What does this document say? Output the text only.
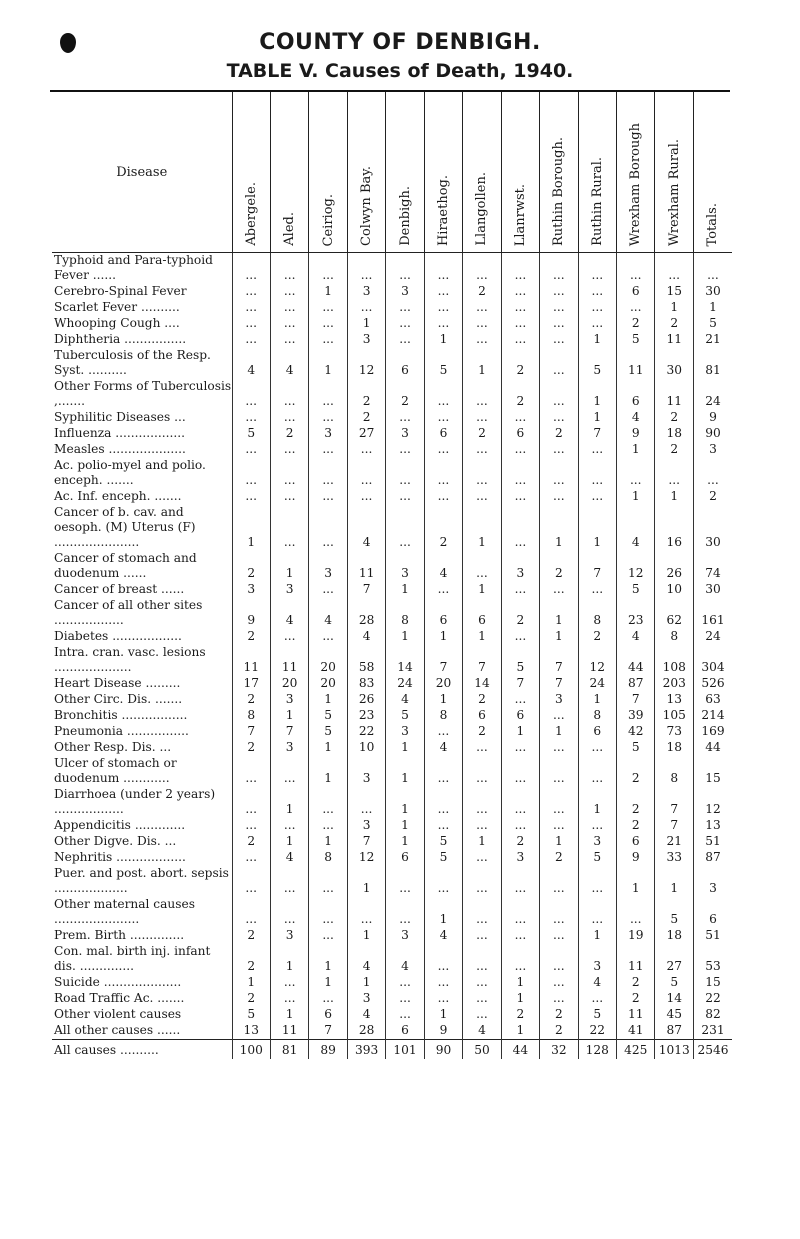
COUNTY OF DENBIGH.
TABLE V. Causes of Death, 1940.
Disease	Abergele.	Aled.	Ceiriog.	Colwyn Bay.	Denbigh.	Hiraethog.	Llangollen.	Llanrwst.	Ruthin Borough.	Ruthin Rural.	Wrexham Borough	Wrexham Rural.	Totals.

Typhoid and Para-typhoid Fever ......	...	...	...	...	...	...	...	...	...	...	...	...	...
Cerebro-Spinal Fever	...	...	1	3	3	...	2	...	...	...	6	15	30
Scarlet Fever ..........	...	...	...	...	...	...	...	...	...	...	...	1	1
Whooping Cough ....	...	...	...	1	...	...	...	...	...	...	2	2	5
Diphtheria ................	...	...	...	3	...	1	...	...	...	1	5	11	21
Tuberculosis of the Resp. Syst. ..........	4	4	1	12	6	5	1	2	...	5	11	30	81
Other Forms of Tuberculosis ,.......	...	...	...	2	2	...	...	2	...	1	6	11	24
Syphilitic Diseases ...	...	...	...	2	...	...	...	...	...	1	4	2	9
Influenza ..................	5	2	3	27	3	6	2	6	2	7	9	18	90
Measles ....................	...	...	...	...	...	...	...	...	...	...	1	2	3
Ac. polio-myel and polio. enceph. .......	...	...	...	...	...	...	...	...	...	...	...	...	...
Ac. Inf. enceph. .......	...	...	...	...	...	...	...	...	...	...	1	1	2
Cancer of b. cav. and oesoph. (M) Uterus (F) ......................	1	...	...	4	...	2	1	...	1	1	4	16	30
Cancer of stomach and duodenum ......	2	1	3	11	3	4	...	3	2	7	12	26	74
Cancer of breast ......	3	3	...	7	1	...	1	...	...	...	5	10	30
Cancer of all other sites ..................	9	4	4	28	8	6	6	2	1	8	23	62	161
Diabetes ..................	2	...	...	4	1	1	1	...	1	2	4	8	24
Intra. cran. vasc. lesions ....................	11	11	20	58	14	7	7	5	7	12	44	108	304
Heart Disease .........	17	20	20	83	24	20	14	7	7	24	87	203	526
Other Circ. Dis. .......	2	3	1	26	4	1	2	...	3	1	7	13	63
Bronchitis .................	8	1	5	23	5	8	6	6	...	8	39	105	214
Pneumonia ................	7	7	5	22	3	...	2	1	1	6	42	73	169
Other Resp. Dis. ...	2	3	1	10	1	4	...	...	...	...	5	18	44
Ulcer of stomach or duodenum ............	...	...	1	3	1	...	...	...	...	...	2	8	15
Diarrhoea (under 2 years) ..................	...	1	...	...	1	...	...	...	...	1	2	7	12
Appendicitis .............	...	...	...	3	1	...	...	...	...	...	2	7	13
Other Digve. Dis. ...	2	1	1	7	1	5	1	2	1	3	6	21	51
Nephritis ..................	...	4	8	12	6	5	...	3	2	5	9	33	87
Puer. and post. abort. sepsis ...................	...	...	...	1	...	...	...	...	...	...	1	1	3
Other maternal causes ......................	...	...	...	...	...	1	...	...	...	...	...	5	6
Prem. Birth ..............	2	3	...	1	3	4	...	...	...	1	19	18	51
Con. mal. birth inj. infant dis. ..............	2	1	1	4	4	...	...	...	...	3	11	27	53
Suicide ....................	1	...	1	1	...	...	...	1	...	4	2	5	15
Road Traffic Ac. .......	2	...	...	3	...	...	...	1	...	...	2	14	22
Other violent causes	5	1	6	4	...	1	...	2	2	5	11	45	82
All other causes ......	13	11	7	28	6	9	4	1	2	22	41	87	231
All causes ..........	100	81	89	393	101	90	50	44	32	128	425	1013	2546
